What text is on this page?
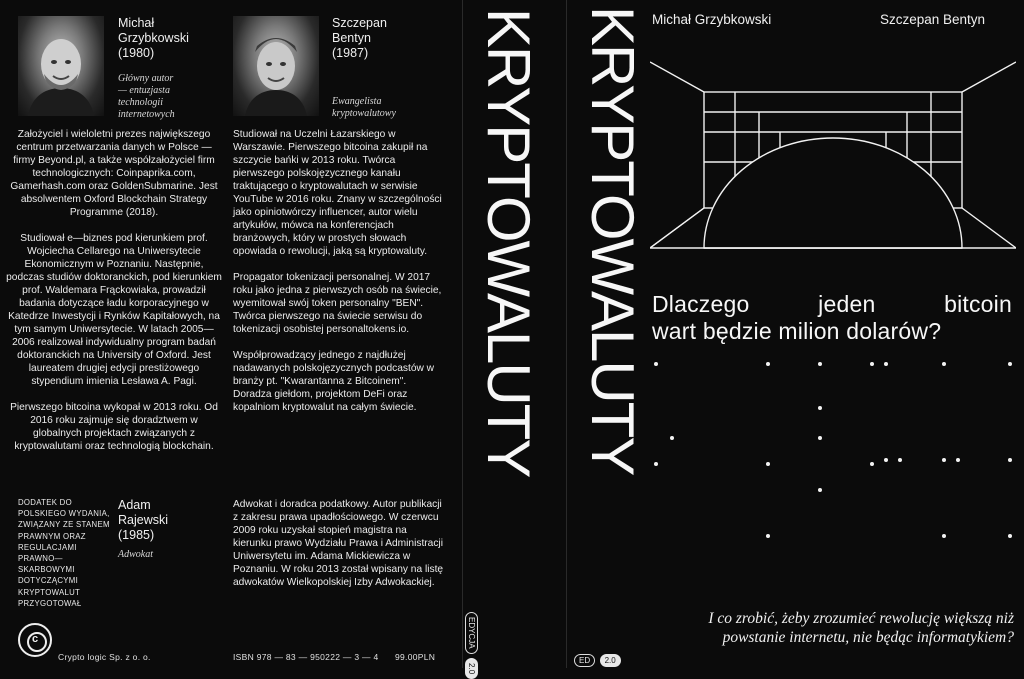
Michał
Grzybkowski
(1980)
Główny autor
— entuzjasta
technologii
internetowych

Założyciel i wieloletni prezes największego centrum przetwarzania danych w Polsce — firmy Beyond.pl, a także współzałożyciel firm technologicznych: Coinpaprika.com, Gamerhash.com oraz GoldenSubmarine. Jest absolwentem Oxford Blockchain Strategy Programme (2018).

Studiował e—biznes pod kierunkiem prof. Wojciecha Cellarego na Uniwersytecie Ekonomicznym w Poznaniu. Następnie, podczas studiów doktoranckich, pod kierunkiem prof. Waldemara Frąckowiaka, prowadził badania dotyczące ładu korporacyjnego w Katedrze Inwestycji i Rynków Kapitałowych, na tym samym Uniwersytecie. W latach 2005—2006 realizował indywidualny program badań doktoranckich na University of Oxford. Jest laureatem drugiej edycji prestiżowego stypendium imienia Lesława A. Pagi.

Pierwszego bitcoina wykopał w 2013 roku. Od 2016 roku zajmuje się doradztwem w globalnych projektach związanych z kryptowalutami oraz technologią blockchain.

Szczepan
Bentyn
(1987)
Ewangelista
kryptowalutowy

Studiował na Uczelni Łazarskiego w Warszawie. Pierwszego bitcoina zakupił na szczycie bańki w 2013 roku. Twórca pierwszego polskojęzycznego kanału traktującego o kryptowalutach w serwisie YouTube w 2016 roku. Znany w szczególności jako opiniotwórczy influencer, autor wielu artykułów, mówca na konferencjach branżowych, który w prostych słowach opowiada o rewolucji, jaką są kryptowaluty.

Propagator tokenizacji personalnej. W 2017 roku jako jedna z pierwszych osób na świecie, wyemitował swój token personalny "BEN". Twórca pierwszego na świecie serwisu do tokenizacji osobistej personaltokens.io.

Współprowadzący jednego z najdłużej nadawanych polskojęzycznych podcastów w branży pt. "Kwarantanna z Bitcoinem". Doradza giełdom, projektom DeFi oraz kopalniom kryptowalut na całym świecie.

DODATEK DO
POLSKIEGO WYDANIA,
ZWIĄZANY ZE STANEM
PRAWNYM ORAZ
REGULACJAMI
PRAWNO—SKARBOWYMI
DOTYCZĄCYMI
KRYPTOWALUT
PRZYGOTOWAŁ
Adam
Rajewski
(1985)
Adwokat

Adwokat i doradca podatkowy. Autor publikacji z zakresu prawa upadłościowego. W czerwcu 2009 roku uzyskał stopień magistra na kierunku prawo Wydziału Prawa i Administracji Uniwersytetu im. Adama Mickiewicza w Poznaniu. W roku 2013 został wpisany na listę adwokatów Wielkopolskiej Izby Adwokackiej.

c
Crypto logic Sp. z o. o.	ISBN 978 — 83 — 950222 — 3 — 4 99.00PLN
KRYPTOWALUTY
EDYCJA 2.0
KRYPTOWALUTY Michał Grzybkowski	Szczepan Bentyn
Dlaczego	jeden	bitcoin
wart będzie milion dolarów?
I co zrobić, żeby zrozumieć rewolucję większą niż
powstanie internetu, nie będąc informatykiem?
ED 2.0
